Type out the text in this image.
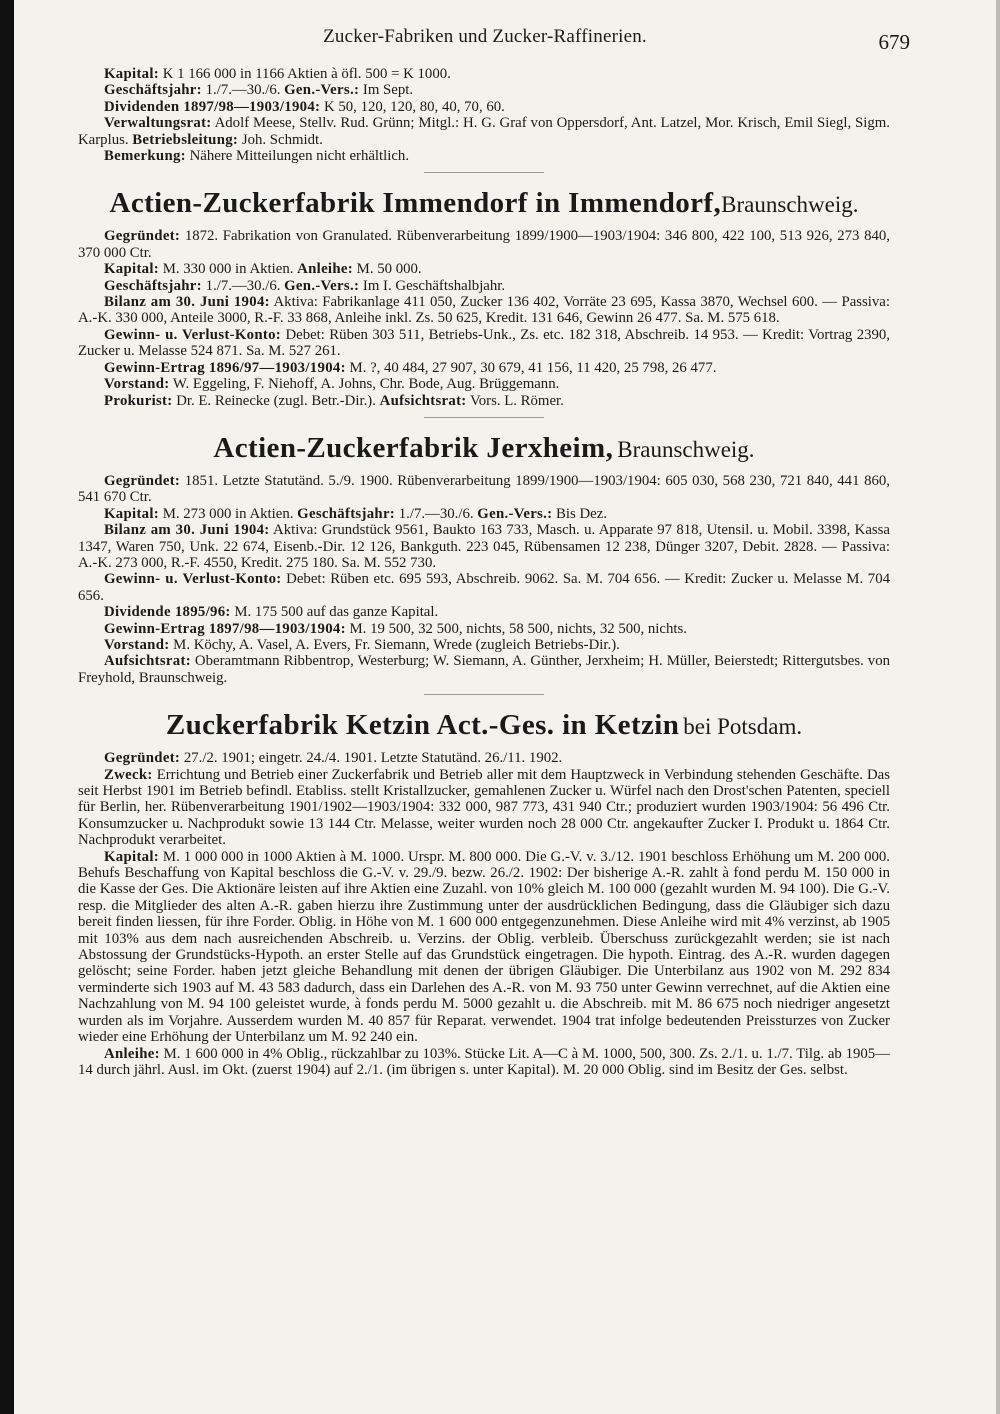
Zucker-Fabriken und Zucker-Raffinerien.	679

Kapital: K 1 166 000 in 1166 Aktien à öfl. 500 = K 1000.

Geschäftsjahr: 1./7.—30./6. Gen.-Vers.: Im Sept.

Dividenden 1897/98—1903/1904: K 50, 120, 120, 80, 40, 70, 60.

Verwaltungsrat: Adolf Meese, Stellv. Rud. Grünn; Mitgl.: H. G. Graf von Oppersdorf, Ant. Latzel, Mor. Krisch, Emil Siegl, Sigm. Karplus. Betriebsleitung: Joh. Schmidt.

Bemerkung: Nähere Mitteilungen nicht erhältlich.

Actien-Zuckerfabrik Immendorf in Immendorf,Braunschweig.

Gegründet: 1872. Fabrikation von Granulated. Rübenverarbeitung 1899/1900—1903/1904: 346 800, 422 100, 513 926, 273 840, 370 000 Ctr.

Kapital: M. 330 000 in Aktien. Anleihe: M. 50 000.

Geschäftsjahr: 1./7.—30./6. Gen.-Vers.: Im I. Geschäftshalbjahr.

Bilanz am 30. Juni 1904: Aktiva: Fabrikanlage 411 050, Zucker 136 402, Vorräte 23 695, Kassa 3870, Wechsel 600. — Passiva: A.-K. 330 000, Anteile 3000, R.-F. 33 868, Anleihe inkl. Zs. 50 625, Kredit. 131 646, Gewinn 26 477. Sa. M. 575 618.

Gewinn- u. Verlust-Konto: Debet: Rüben 303 511, Betriebs-Unk., Zs. etc. 182 318, Abschreib. 14 953. — Kredit: Vortrag 2390, Zucker u. Melasse 524 871. Sa. M. 527 261.

Gewinn-Ertrag 1896/97—1903/1904: M. ?, 40 484, 27 907, 30 679, 41 156, 11 420, 25 798, 26 477.

Vorstand: W. Eggeling, F. Niehoff, A. Johns, Chr. Bode, Aug. Brüggemann.

Prokurist: Dr. E. Reinecke (zugl. Betr.-Dir.). Aufsichtsrat: Vors. L. Römer.

Actien-Zuckerfabrik Jerxheim, Braunschweig.

Gegründet: 1851. Letzte Statutänd. 5./9. 1900. Rübenverarbeitung 1899/1900—1903/1904: 605 030, 568 230, 721 840, 441 860, 541 670 Ctr.

Kapital: M. 273 000 in Aktien. Geschäftsjahr: 1./7.—30./6. Gen.-Vers.: Bis Dez.

Bilanz am 30. Juni 1904: Aktiva: Grundstück 9561, Baukto 163 733, Masch. u. Apparate 97 818, Utensil. u. Mobil. 3398, Kassa 1347, Waren 750, Unk. 22 674, Eisenb.-Dir. 12 126, Bankguth. 223 045, Rübensamen 12 238, Dünger 3207, Debit. 2828. — Passiva: A.-K. 273 000, R.-F. 4550, Kredit. 275 180. Sa. M. 552 730.

Gewinn- u. Verlust-Konto: Debet: Rüben etc. 695 593, Abschreib. 9062. Sa. M. 704 656. — Kredit: Zucker u. Melasse M. 704 656.

Dividende 1895/96: M. 175 500 auf das ganze Kapital.

Gewinn-Ertrag 1897/98—1903/1904: M. 19 500, 32 500, nichts, 58 500, nichts, 32 500, nichts.

Vorstand: M. Köchy, A. Vasel, A. Evers, Fr. Siemann, Wrede (zugleich Betriebs-Dir.).

Aufsichtsrat: Oberamtmann Ribbentrop, Westerburg; W. Siemann, A. Günther, Jerxheim; H. Müller, Beierstedt; Rittergutsbes. von Freyhold, Braunschweig.

Zuckerfabrik Ketzin Act.-Ges. in Ketzin bei Potsdam.

Gegründet: 27./2. 1901; eingetr. 24./4. 1901. Letzte Statutänd. 26./11. 1902.

Zweck: Errichtung und Betrieb einer Zuckerfabrik und Betrieb aller mit dem Hauptzweck in Verbindung stehenden Geschäfte. Das seit Herbst 1901 im Betrieb befindl. Etabliss. stellt Kristallzucker, gemahlenen Zucker u. Würfel nach den Drost'schen Patenten, speciell für Berlin, her. Rübenverarbeitung 1901/1902—1903/1904: 332 000, 987 773, 431 940 Ctr.; produziert wurden 1903/1904: 56 496 Ctr. Konsumzucker u. Nachprodukt sowie 13 144 Ctr. Melasse, weiter wurden noch 28 000 Ctr. angekaufter Zucker I. Produkt u. 1864 Ctr. Nachprodukt verarbeitet.

Kapital: M. 1 000 000 in 1000 Aktien à M. 1000. Urspr. M. 800 000. Die G.-V. v. 3./12. 1901 beschloss Erhöhung um M. 200 000. Behufs Beschaffung von Kapital beschloss die G.-V. v. 29./9. bezw. 26./2. 1902: Der bisherige A.-R. zahlt à fond perdu M. 150 000 in die Kasse der Ges. Die Aktionäre leisten auf ihre Aktien eine Zuzahl. von 10% gleich M. 100 000 (gezahlt wurden M. 94 100). Die G.-V. resp. die Mitglieder des alten A.-R. gaben hierzu ihre Zustimmung unter der ausdrücklichen Bedingung, dass die Gläubiger sich dazu bereit finden liessen, für ihre Forder. Oblig. in Höhe von M. 1 600 000 entgegenzunehmen. Diese Anleihe wird mit 4% verzinst, ab 1905 mit 103% aus dem nach ausreichenden Abschreib. u. Verzins. der Oblig. verbleib. Überschuss zurückgezahlt werden; sie ist nach Abstossung der Grundstücks-Hypoth. an erster Stelle auf das Grundstück eingetragen. Die hypoth. Eintrag. des A.-R. wurden dagegen gelöscht; seine Forder. haben jetzt gleiche Behandlung mit denen der übrigen Gläubiger. Die Unterbilanz aus 1902 von M. 292 834 verminderte sich 1903 auf M. 43 583 dadurch, dass ein Darlehen des A.-R. von M. 93 750 unter Gewinn verrechnet, auf die Aktien eine Nachzahlung von M. 94 100 geleistet wurde, à fonds perdu M. 5000 gezahlt u. die Abschreib. mit M. 86 675 noch niedriger angesetzt wurden als im Vorjahre. Ausserdem wurden M. 40 857 für Reparat. verwendet. 1904 trat infolge bedeutenden Preissturzes von Zucker wieder eine Erhöhung der Unterbilanz um M. 92 240 ein.

Anleihe: M. 1 600 000 in 4% Oblig., rückzahlbar zu 103%. Stücke Lit. A—C à M. 1000, 500, 300. Zs. 2./1. u. 1./7. Tilg. ab 1905—14 durch jährl. Ausl. im Okt. (zuerst 1904) auf 2./1. (im übrigen s. unter Kapital). M. 20 000 Oblig. sind im Besitz der Ges. selbst.
